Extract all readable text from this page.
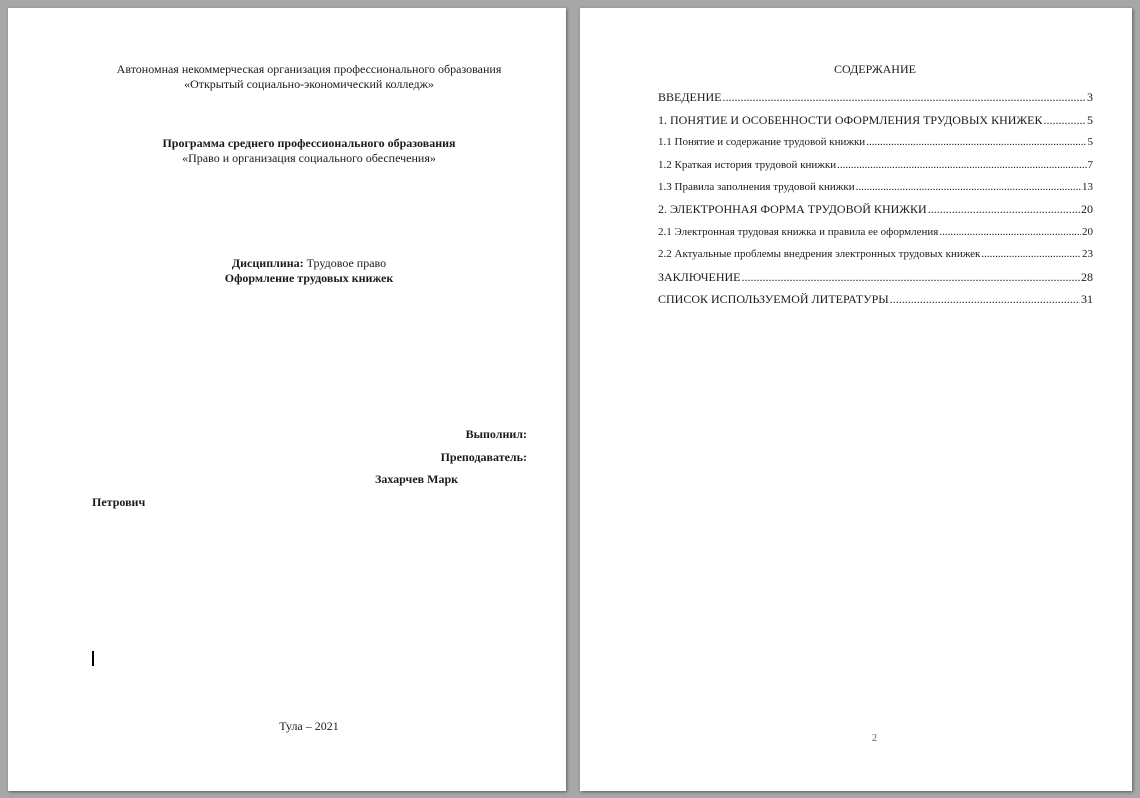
Автономная некоммерческая организация профессионального образования
«Открытый социально-экономический колледж»
Программа среднего профессионального образования
«Право и организация социального обеспечения»
Дисциплина: Трудовое право
Оформление трудовых книжек
Выполнил:
Преподаватель:
Захарчев Марк
Петрович
Тула – 2021
СОДЕРЖАНИЕ
ВВЕДЕНИЕ .....	3
1. ПОНЯТИЕ И ОСОБЕННОСТИ ОФОРМЛЕНИЯ ТРУДОВЫХ КНИЖЕК .....	5
1.1 Понятие и содержание трудовой книжки .....	5
1.2 Краткая история трудовой книжки .....	7
1.3 Правила заполнения трудовой книжки .....	13
2. ЭЛЕКТРОННАЯ ФОРМА ТРУДОВОЙ КНИЖКИ .....	20
2.1 Электронная трудовая книжка и правила ее оформления .....	20
2.2 Актуальные проблемы внедрения электронных трудовых книжек .....	23
ЗАКЛЮЧЕНИЕ .....	28
СПИСОК ИСПОЛЬЗУЕМОЙ ЛИТЕРАТУРЫ .....	31
2
